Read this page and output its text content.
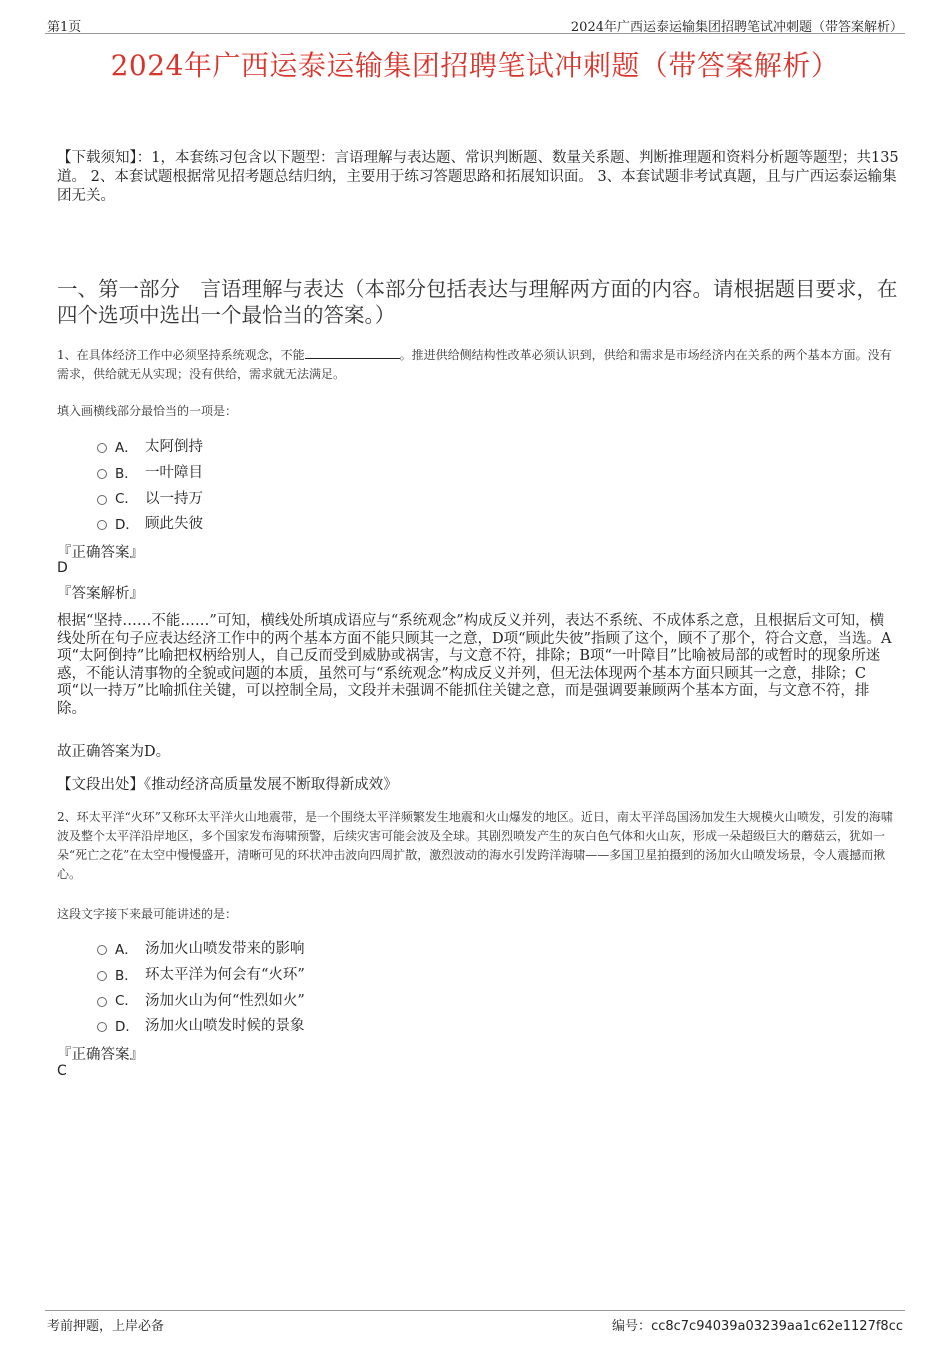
第1页	2024年广西运泰运输集团招聘笔试冲刺题（带答案解析）
2024年广西运泰运输集团招聘笔试冲刺题（带答案解析）
【下载须知】：1，本套练习包含以下题型：言语理解与表达题、常识判断题、数量关系题、判断推理题和资料分析题等题型；共135道。 2、本套试题根据常见招考题总结归纳，主要用于练习答题思路和拓展知识面。 3、本套试题非考试真题，且与广西运泰运输集团无关。
一、第一部分　言语理解与表达（本部分包括表达与理解两方面的内容。请根据题目要求，在四个选项中选出一个最恰当的答案。）
1、在具体经济工作中必须坚持系统观念，不能	。推进供给侧结构性改革必须认识到，供给和需求是市场经济内在关系的两个基本方面。没有需求，供给就无从实现；没有供给，需求就无法满足。
填入画横线部分最恰当的一项是：
A． 太阿倒持
B． 一叶障目
C． 以一持万
D． 顾此失彼
『正确答案』
D
『答案解析』
根据“坚持……不能……”可知，横线处所填成语应与“系统观念”构成反义并列，表达不系统、不成体系之意，且根据后文可知，横线处所在句子应表达经济工作中的两个基本方面不能只顾其一之意，D项“顾此失彼”指顾了这个，顾不了那个，符合文意，当选。A项“太阿倒持”比喻把权柄给别人，自己反而受到威胁或祸害，与文意不符，排除；B项“一叶障目”比喻被局部的或暂时的现象所迷惑，不能认清事物的全貌或问题的本质，虽然可与“系统观念”构成反义并列，但无法体现两个基本方面只顾其一之意，排除；C项“以一持万”比喻抓住关键，可以控制全局，文段并未强调不能抓住关键之意，而是强调要兼顾两个基本方面，与文意不符，排除。
故正确答案为D。
【文段出处】《推动经济高质量发展不断取得新成效》
2、环太平洋“火环”又称环太平洋火山地震带，是一个围绕太平洋频繁发生地震和火山爆发的地区。近日，南太平洋岛国汤加发生大规模火山喷发，引发的海啸波及整个太平洋沿岸地区，多个国家发布海啸预警，后续灾害可能会波及全球。其剧烈喷发产生的灰白色气体和火山灰，形成一朵超级巨大的蘑菇云，犹如一朵“死亡之花”在太空中慢慢盛开，清晰可见的环状冲击波向四周扩散，激烈波动的海水引发跨洋海啸——多国卫星拍摄到的汤加火山喷发场景，令人震撼而揪心。
这段文字接下来最可能讲述的是：
A． 汤加火山喷发带来的影响
B． 环太平洋为何会有“火环”
C． 汤加火山为何“性烈如火”
D． 汤加火山喷发时候的景象
『正确答案』
C
考前押题，上岸必备	编号：cc8c7c94039a03239aa1c62e1127f8cc
